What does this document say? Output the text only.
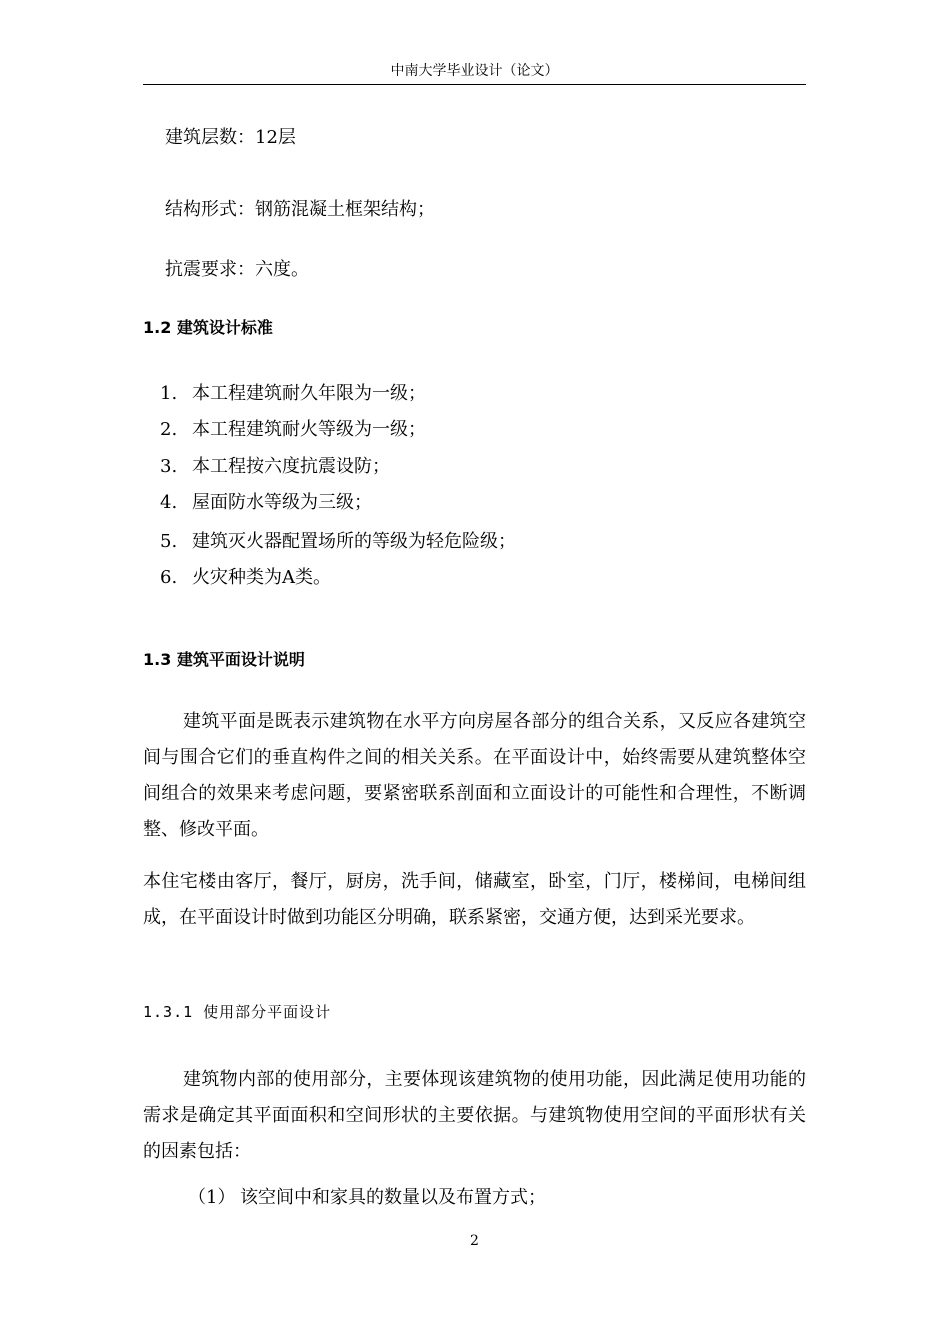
中南大学毕业设计（论文）
建筑层数：12层
结构形式：钢筋混凝土框架结构；
抗震要求：六度。
1.2 建筑设计标准
1. 本工程建筑耐久年限为一级；
2. 本工程建筑耐火等级为一级；
3. 本工程按六度抗震设防；
4. 屋面防水等级为三级；
5. 建筑灭火器配置场所的等级为轻危险级；
6. 火灾种类为A类。
1.3 建筑平面设计说明
建筑平面是既表示建筑物在水平方向房屋各部分的组合关系，又反应各建筑空间与围合它们的垂直构件之间的相关关系。在平面设计中，始终需要从建筑整体空间组合的效果来考虑问题，要紧密联系剖面和立面设计的可能性和合理性，不断调整、修改平面。
本住宅楼由客厅，餐厅，厨房，洗手间，储藏室，卧室，门厅，楼梯间，电梯间组成，在平面设计时做到功能区分明确，联系紧密，交通方便，达到采光要求。
1.3.1 使用部分平面设计
建筑物内部的使用部分，主要体现该建筑物的使用功能，因此满足使用功能的需求是确定其平面面积和空间形状的主要依据。与建筑物使用空间的平面形状有关的因素包括：
（1） 该空间中和家具的数量以及布置方式；
2
